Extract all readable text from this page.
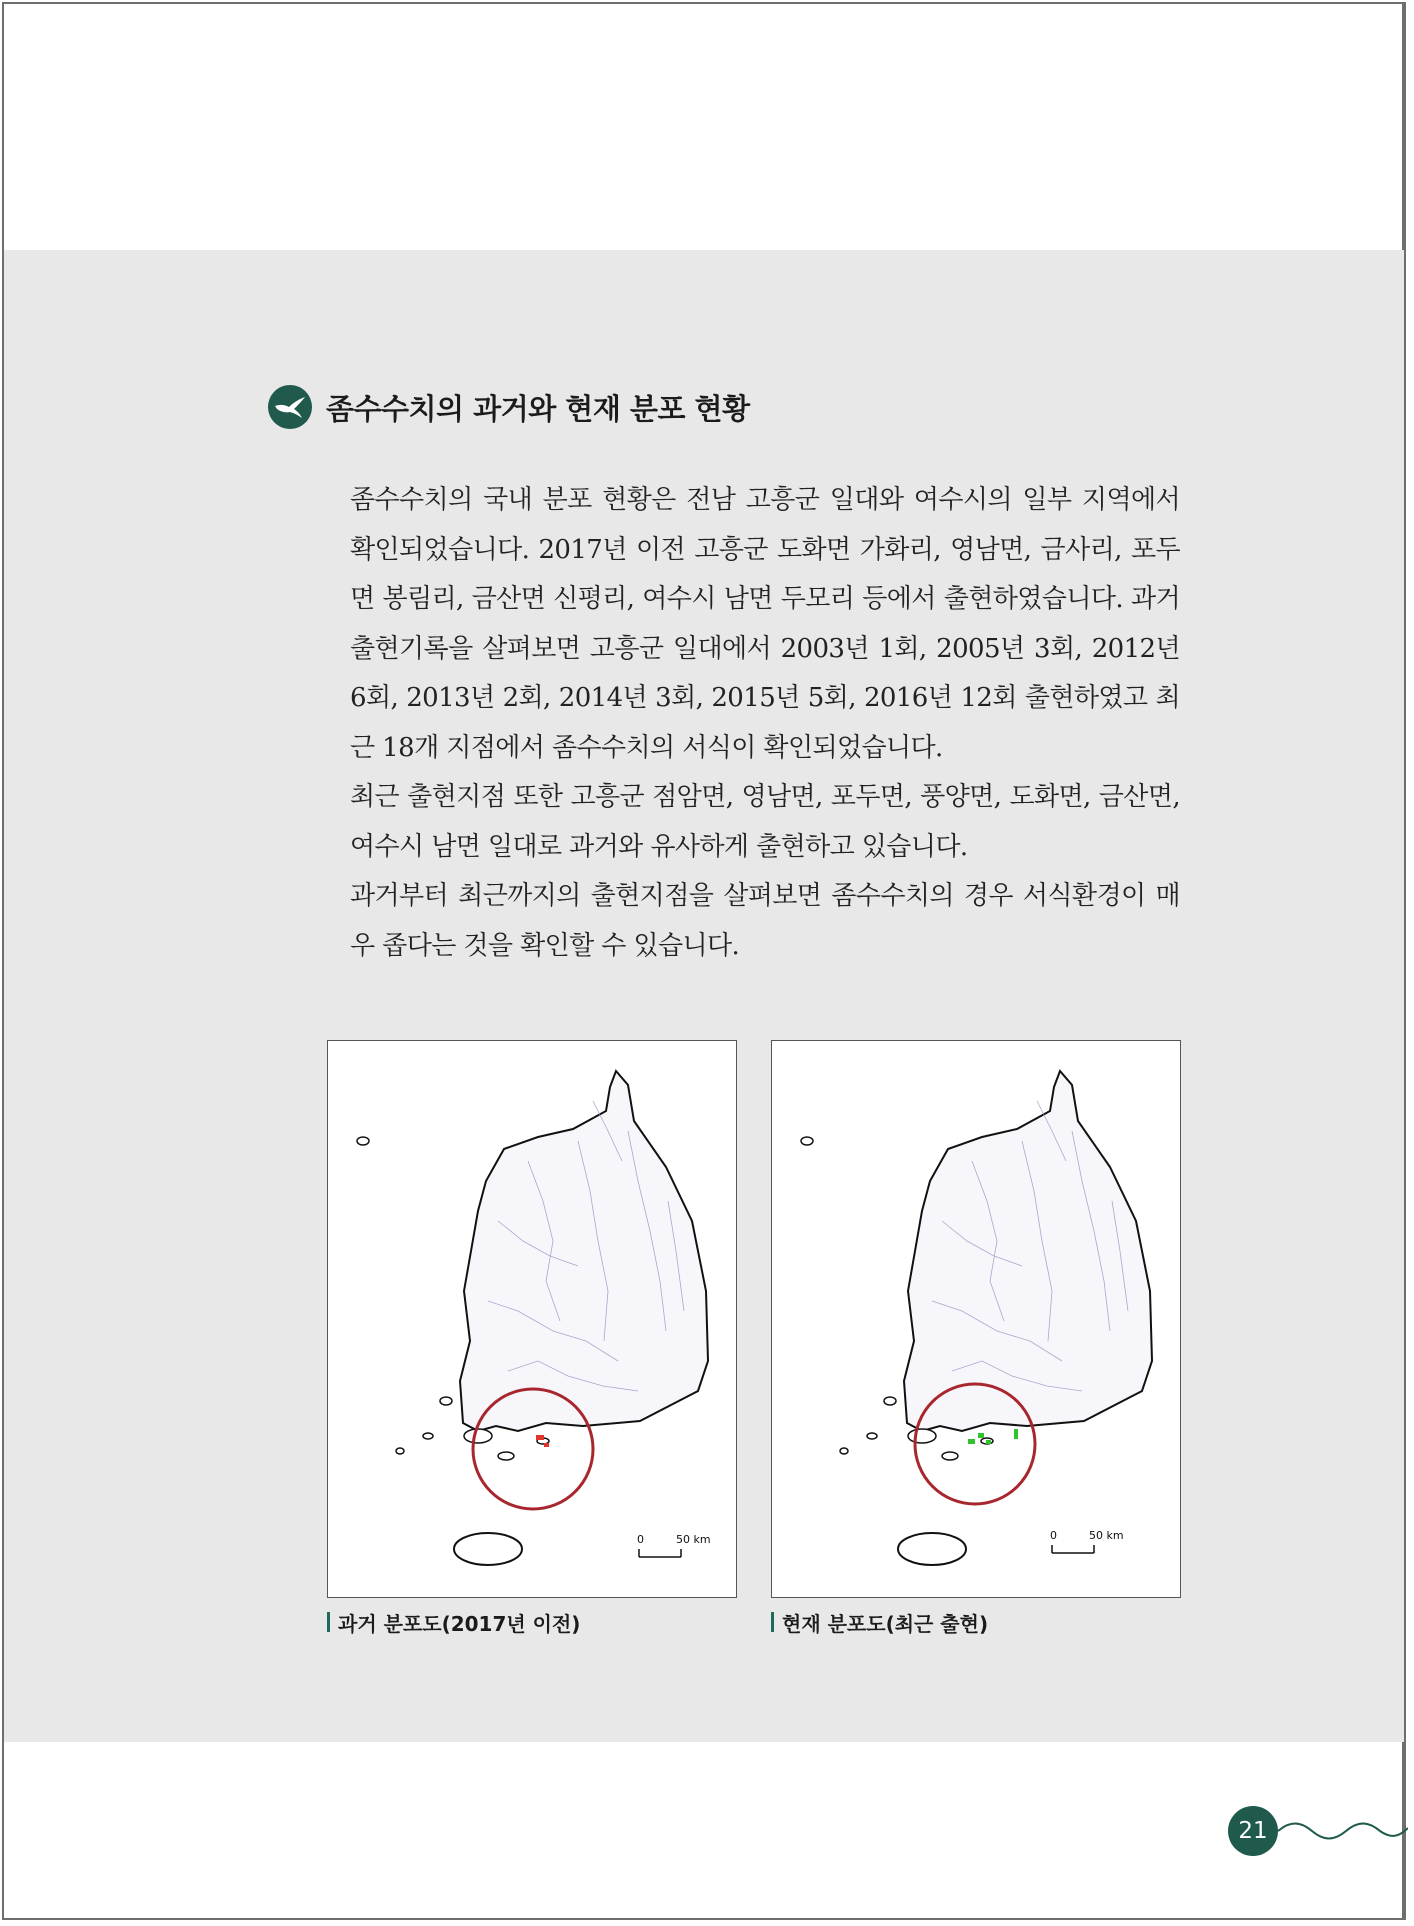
좀수수치의 과거와 현재 분포 현황

좀수수치의 국내 분포 현황은 전남 고흥군 일대와 여수시의 일부 지역에서 확인되었습니다. 2017년 이전 고흥군 도화면 가화리, 영남면, 금사리, 포두면 봉림리, 금산면 신평리, 여수시 남면 두모리 등에서 출현하였습니다. 과거 출현기록을 살펴보면 고흥군 일대에서 2003년 1회, 2005년 3회, 2012년 6회, 2013년 2회, 2014년 3회, 2015년 5회, 2016년 12회 출현하였고 최근 18개 지점에서 좀수수치의 서식이 확인되었습니다.

최근 출현지점 또한 고흥군 점암면, 영남면, 포두면, 풍양면, 도화면, 금산면, 여수시 남면 일대로 과거와 유사하게 출현하고 있습니다.

과거부터 최근까지의 출현지점을 살펴보면 좀수수치의 경우 서식환경이 매우 좁다는 것을 확인할 수 있습니다.

0	50 km
과거 분포도(2017년 이전)
0	50 km
현재 분포도(최근 출현)
21
